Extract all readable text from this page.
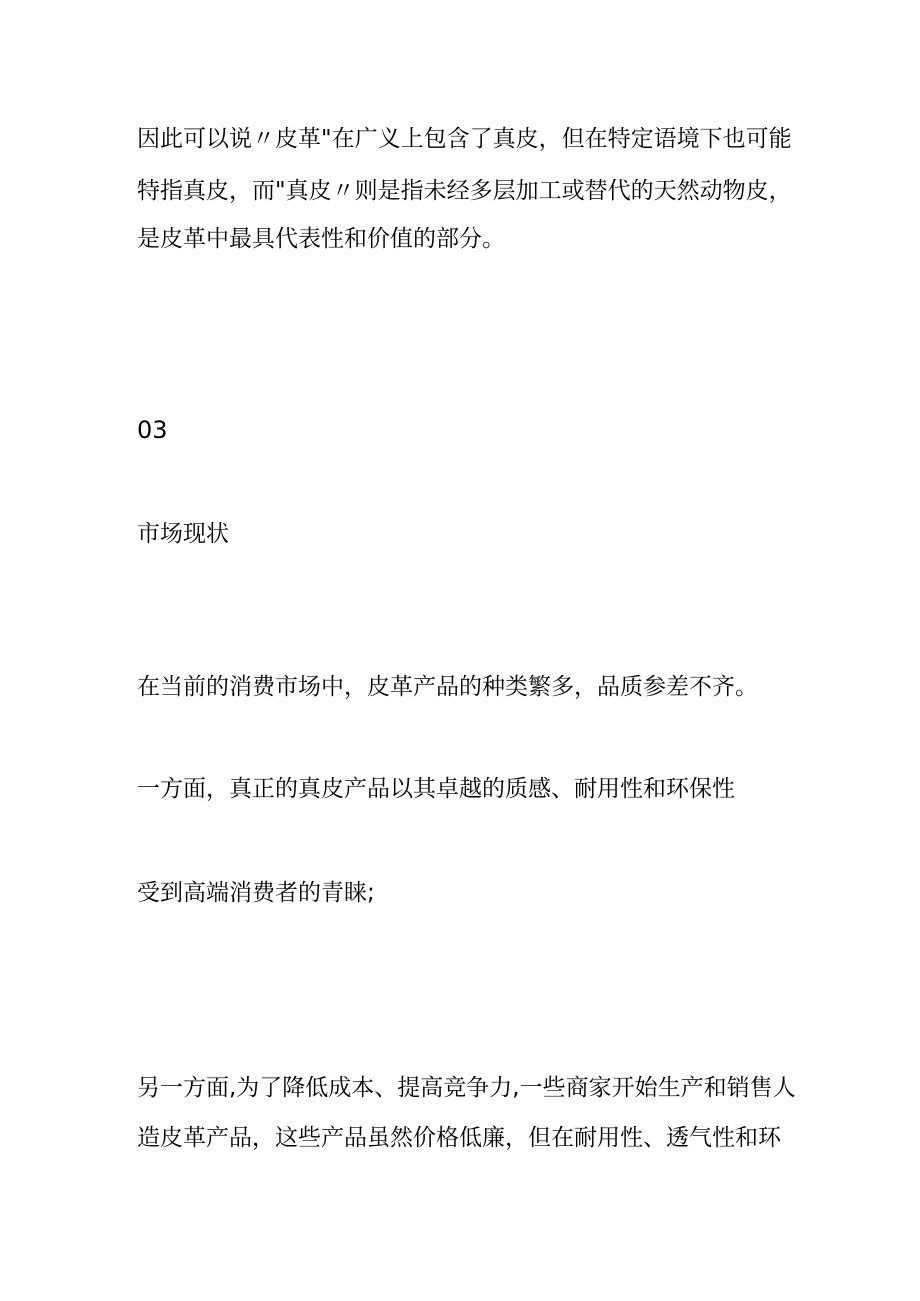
因此可以说〃皮革"在广义上包含了真皮，但在特定语境下也可能
特指真皮，而"真皮〃则是指未经多层加工或替代的天然动物皮，
是皮革中最具代表性和价值的部分。
03
市场现状
在当前的消费市场中，皮革产品的种类繁多，品质参差不齐。
一方面，真正的真皮产品以其卓越的质感、耐用性和环保性
受到高端消费者的青睐;
另一方面,为了降低成本、提高竞争力,一些商家开始生产和销售人
造皮革产品，这些产品虽然价格低廉，但在耐用性、透气性和环
